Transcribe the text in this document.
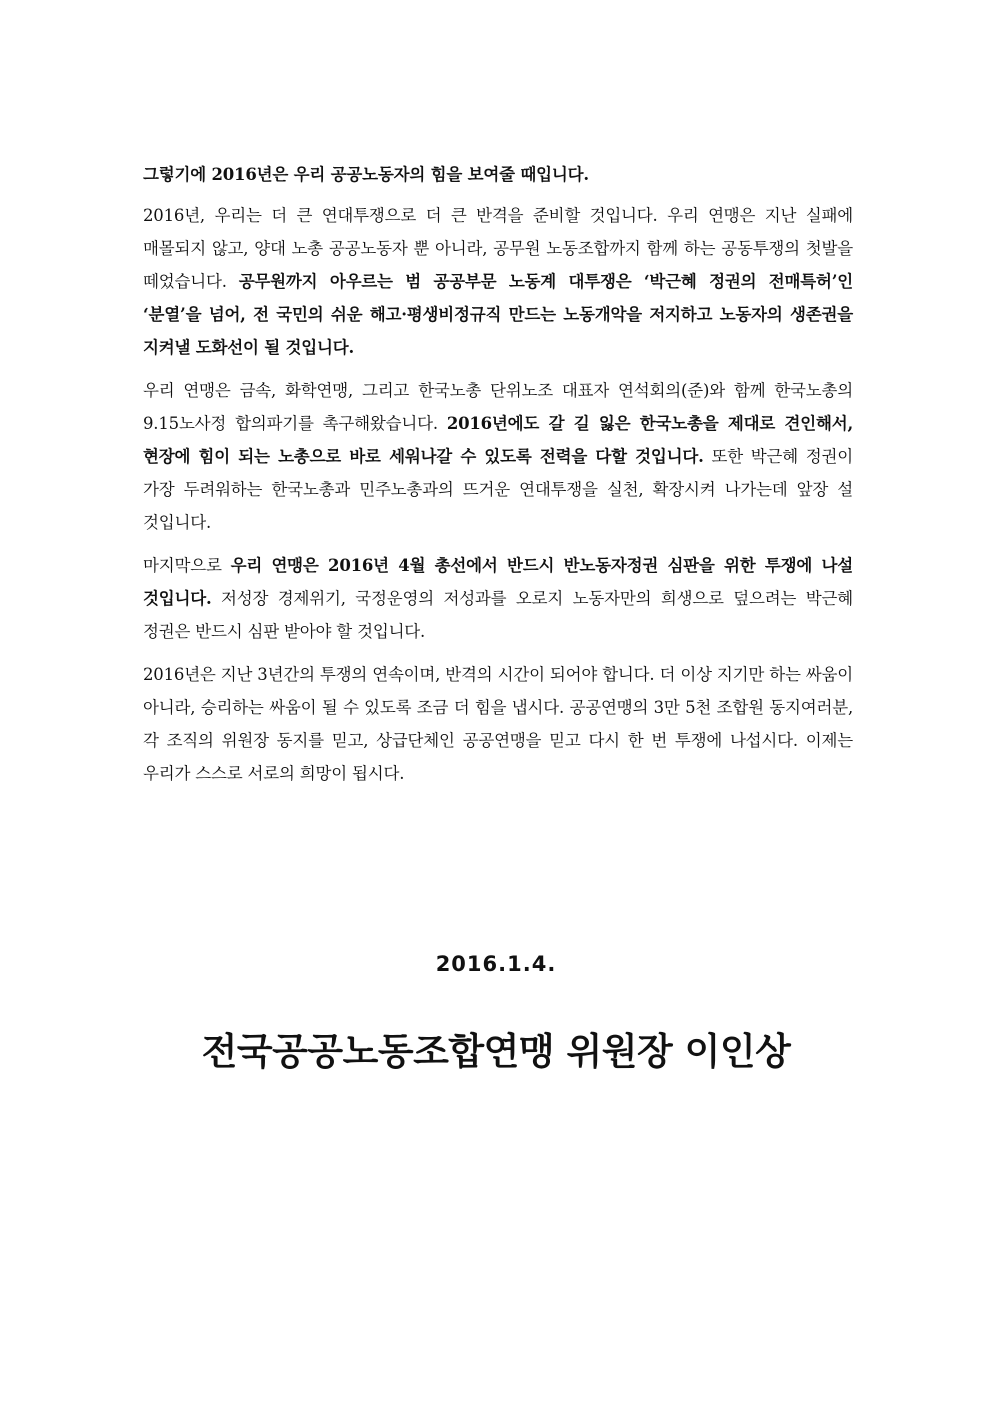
그렇기에 2016년은 우리 공공노동자의 힘을 보여줄 때입니다.

2016년, 우리는 더 큰 연대투쟁으로 더 큰 반격을 준비할 것입니다. 우리 연맹은 지난 실패에 매몰되지 않고, 양대 노총 공공노동자 뿐 아니라, 공무원 노동조합까지 함께 하는 공동투쟁의 첫발을 떼었습니다. 공무원까지 아우르는 범 공공부문 노동계 대투쟁은 ‘박근혜 정권의 전매특허’인 ‘분열’을 넘어, 전 국민의 쉬운 해고·평생비정규직 만드는 노동개악을 저지하고 노동자의 생존권을 지켜낼 도화선이 될 것입니다.

우리 연맹은 금속, 화학연맹, 그리고 한국노총 단위노조 대표자 연석회의(준)와 함께 한국노총의 9.15노사정 합의파기를 촉구해왔습니다. 2016년에도 갈 길 잃은 한국노총을 제대로 견인해서, 현장에 힘이 되는 노총으로 바로 세워나갈 수 있도록 전력을 다할 것입니다. 또한 박근혜 정권이 가장 두려워하는 한국노총과 민주노총과의 뜨거운 연대투쟁을 실천, 확장시켜 나가는데 앞장 설 것입니다.

마지막으로 우리 연맹은 2016년 4월 총선에서 반드시 반노동자정권 심판을 위한 투쟁에 나설 것입니다. 저성장 경제위기, 국정운영의 저성과를 오로지 노동자만의 희생으로 덮으려는 박근혜 정권은 반드시 심판 받아야 할 것입니다.

2016년은 지난 3년간의 투쟁의 연속이며, 반격의 시간이 되어야 합니다. 더 이상 지기만 하는 싸움이 아니라, 승리하는 싸움이 될 수 있도록 조금 더 힘을 냅시다. 공공연맹의 3만 5천 조합원 동지여러분, 각 조직의 위원장 동지를 믿고, 상급단체인 공공연맹을 믿고 다시 한 번 투쟁에 나섭시다. 이제는 우리가 스스로 서로의 희망이 됩시다.

2016.1.4.
전국공공노동조합연맹 위원장 이인상
